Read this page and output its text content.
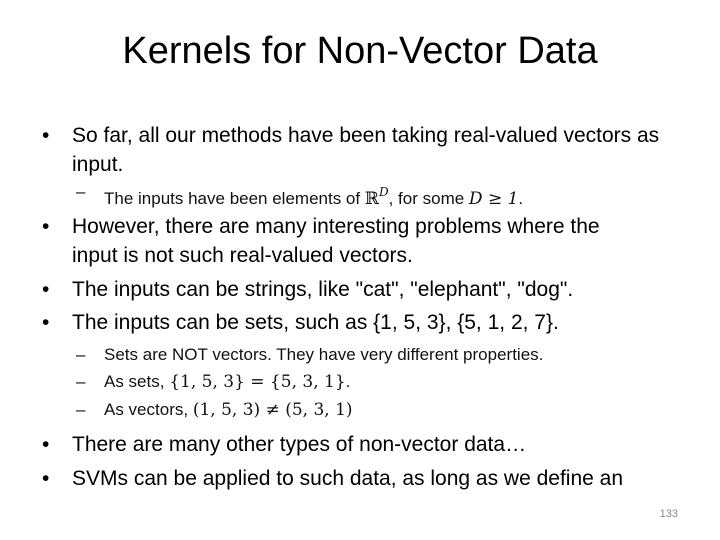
Kernels for Non-Vector Data
• So far, all our methods have been taking real-valued vectors as
input.
– The inputs have been elements of ℝ$^D$, for some D ≥ 1.
• However, there are many interesting problems where the
input is not such real-valued vectors.
• The inputs can be strings, like "cat", "elephant", "dog".
• The inputs can be sets, such as {1, 5, 3}, {5, 1, 2, 7}.
– Sets are NOT vectors. They have very different properties.
– As sets, {1, 5, 3} = {5, 3, 1}.
– As vectors, (1, 5, 3) ≠ (5, 3, 1)
• There are many other types of non-vector data…
• SVMs can be applied to such data, as long as we define an
133
